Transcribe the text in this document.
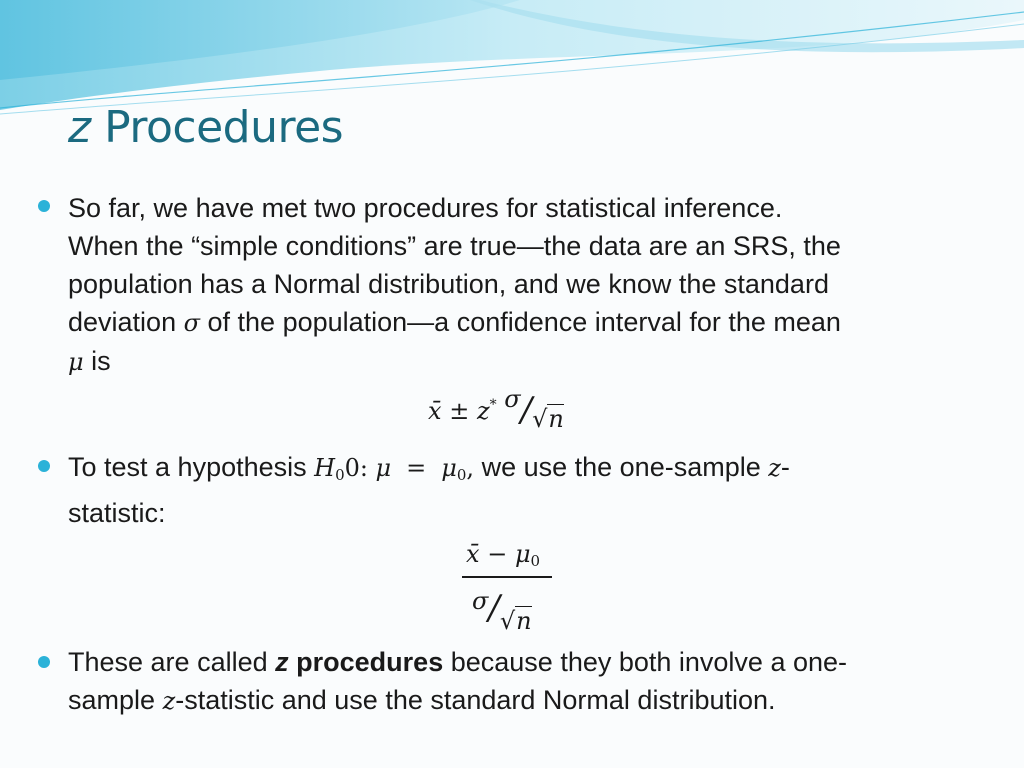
z Procedures
So far, we have met two procedures for statistical inference.
When the “simple conditions” are true—the data are an SRS, the
population has a Normal distribution, and we know the standard
deviation σ of the population—a confidence interval for the mean
μ is
x̄ ± z* σ/√n
To test a hypothesis $H_00$: $\mu = \mu_0$, we use the one-sample z-
statistic:
x̄ − $\mu_0$
σ/√n
These are called z procedures because they both involve a one-
sample z-statistic and use the standard Normal distribution.
